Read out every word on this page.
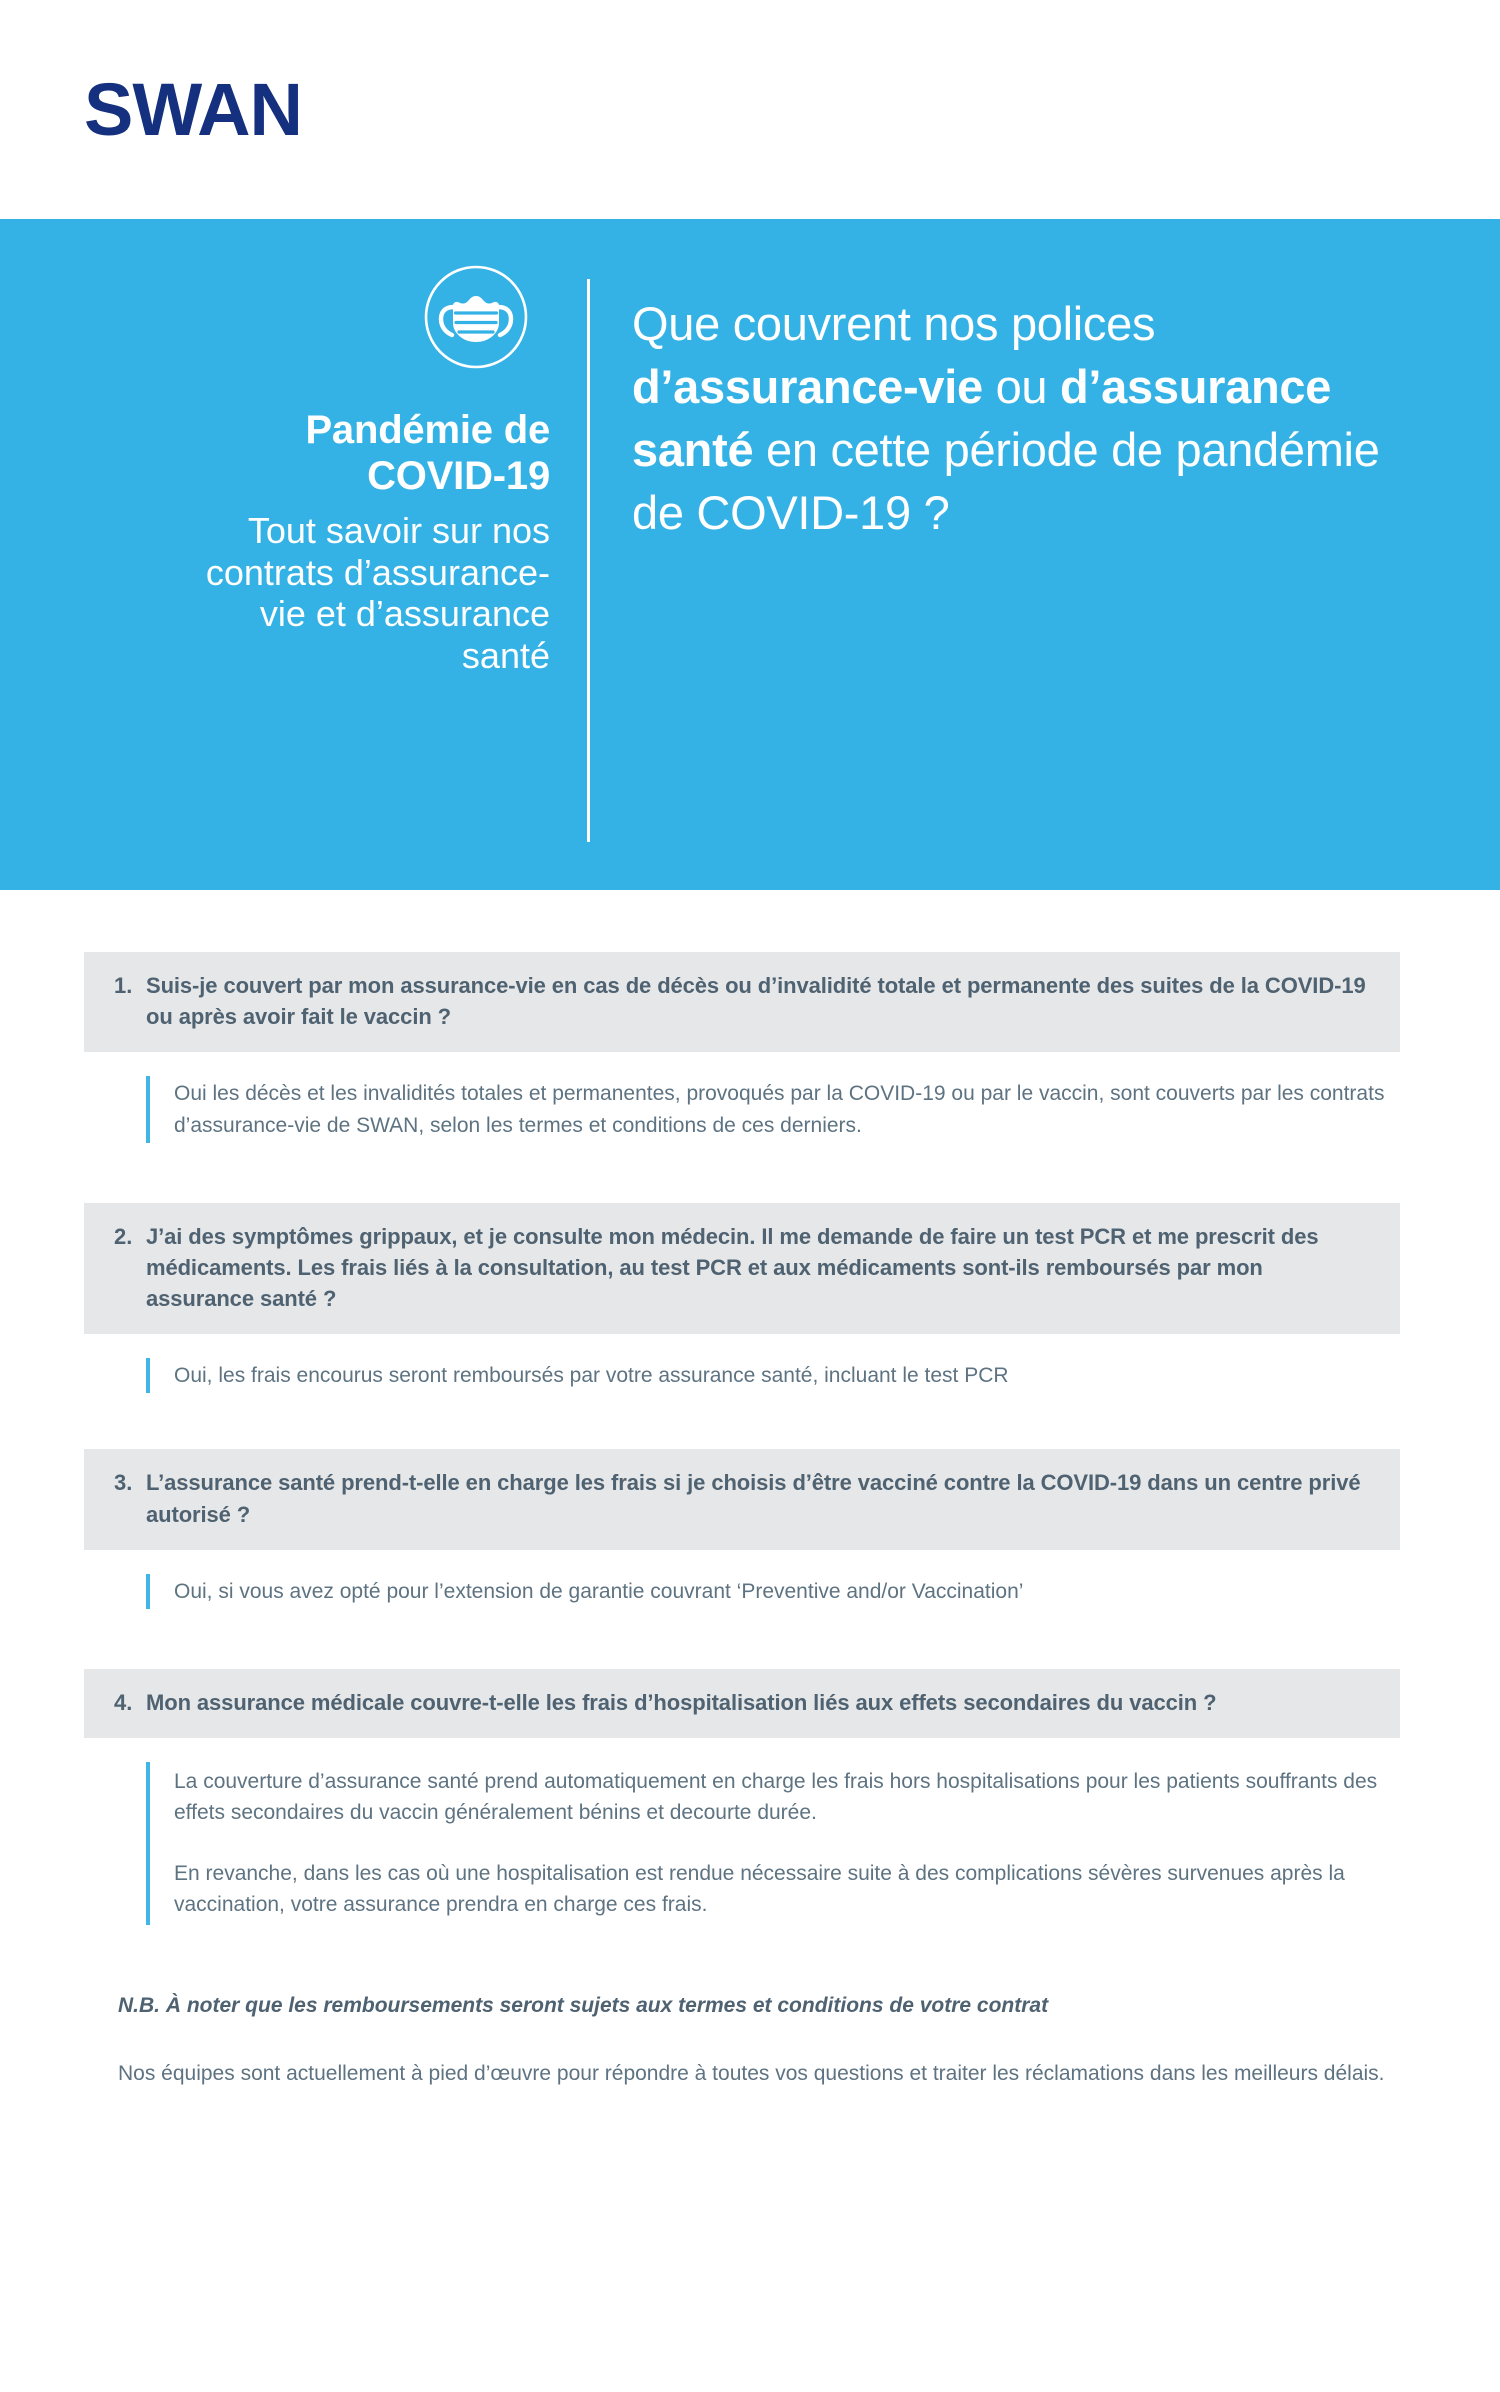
SWAN
Pandémie de COVID-19

Tout savoir sur nos contrats d’assurance-vie et d’assurance santé

Que couvrent nos polices d’assurance-vie ou d’assurance santé en cette période de pandémie de COVID-19 ?

1. Suis-je couvert par mon assurance-vie en cas de décès ou d’invalidité totale et permanente des suites de la COVID-19 ou après avoir fait le vaccin ?

Oui les décès et les invalidités totales et permanentes, provoqués par la COVID-19 ou par le vaccin, sont couverts par les contrats d’assurance-vie de SWAN, selon les termes et conditions de ces derniers.

2. J’ai des symptômes grippaux, et je consulte mon médecin. Il me demande de faire un test PCR et me prescrit des médicaments. Les frais liés à la consultation, au test PCR et aux médicaments sont-ils remboursés par mon assurance santé ?

Oui, les frais encourus seront remboursés par votre assurance santé, incluant le test PCR

3. L’assurance santé prend-t-elle en charge les frais si je choisis d’être vacciné contre la COVID-19 dans un centre privé autorisé ?

Oui, si vous avez opté pour l’extension de garantie couvrant ‘Preventive and/or Vaccination’

4. Mon assurance médicale couvre-t-elle les frais d’hospitalisation liés aux effets secondaires du vaccin ?

La couverture d’assurance santé prend automatiquement en charge les frais hors hospitalisations pour les patients souffrants des effets secondaires du vaccin généralement bénins et decourte durée.

En revanche, dans les cas où une hospitalisation est rendue nécessaire suite à des complications sévères survenues après la vaccination, votre assurance prendra en charge ces frais.

N.B. À noter que les remboursements seront sujets aux termes et conditions de votre contrat

Nos équipes sont actuellement à pied d’œuvre pour répondre à toutes vos questions et traiter les réclamations dans les meilleurs délais.
